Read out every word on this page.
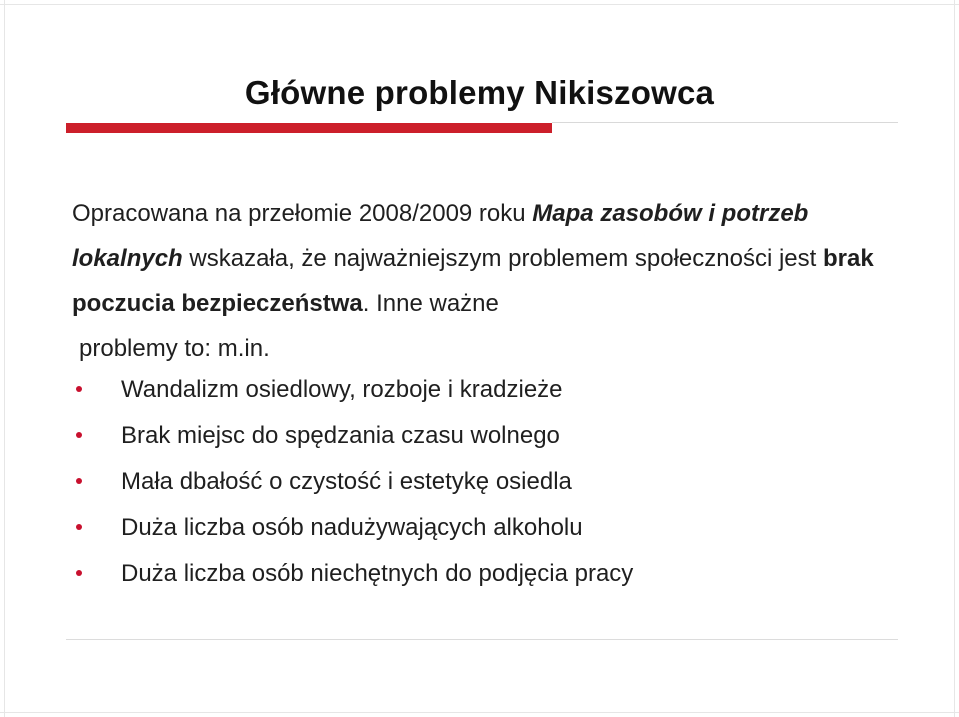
Główne problemy Nikiszowca
Opracowana na przełomie 2008/2009 roku Mapa zasobów i potrzeb lokalnych wskazała, że najważniejszym problemem społeczności jest brak poczucia bezpieczeństwa. Inne ważne
problemy to: m.in.
Wandalizm osiedlowy, rozboje i kradzieże
Brak miejsc do spędzania czasu wolnego
Mała dbałość o czystość i estetykę osiedla
Duża liczba osób nadużywających alkoholu
Duża liczba osób niechętnych do podjęcia pracy
